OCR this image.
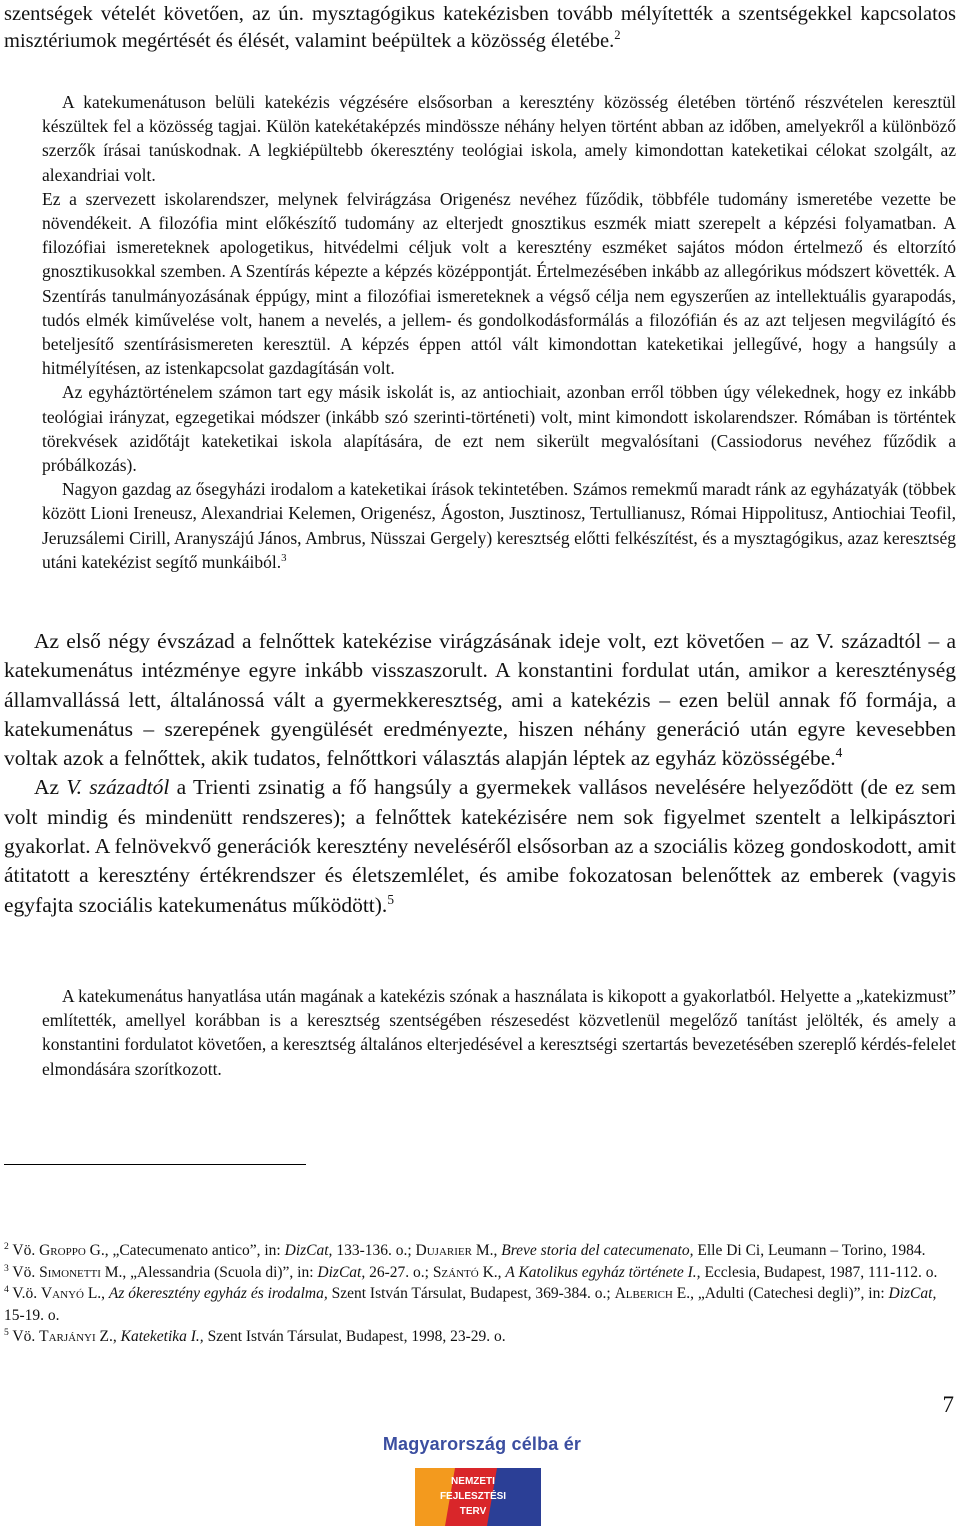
szentségek vételét követően, az ún. mysztagógikus katekézisben tovább mélyítették a szentségekkel kapcsolatos misztériumok megértését és élését, valamint beépültek a közösség életébe.$^2$

A katekumenátuson belüli katekézis végzésére elsősorban a keresztény közösség életében történő részvételen keresztül készültek fel a közösség tagjai. Külön katekétaképzés mindössze néhány helyen történt abban az időben, amelyekről a különböző szerzők írásai tanúskodnak. A legkiépültebb ókeresztény teológiai iskola, amely kimondottan kateketikai célokat szolgált, az alexandriai volt.

Ez a szervezett iskolarendszer, melynek felvirágzása Origenész nevéhez fűződik, többféle tudomány ismeretébe vezette be növendékeit. A filozófia mint előkészítő tudomány az elterjedt gnosztikus eszmék miatt szerepelt a képzési folyamatban. A filozófiai ismereteknek apologetikus, hitvédelmi céljuk volt a keresztény eszméket sajátos módon értelmező és eltorzító gnosztikusokkal szemben. A Szentírás képezte a képzés középpontját. Értelmezésében inkább az allegórikus módszert követték. A Szentírás tanulmányozásának éppúgy, mint a filozófiai ismereteknek a végső célja nem egyszerűen az intellektuális gyarapodás, tudós elmék kiművelése volt, hanem a nevelés, a jellem- és gondolkodásformálás a filozófián és az azt teljesen megvilágító és beteljesítő szentírásismereten keresztül. A képzés éppen attól vált kimondottan kateketikai jellegűvé, hogy a hangsúly a hitmélyítésen, az istenkapcsolat gazdagításán volt.

Az egyháztörténelem számon tart egy másik iskolát is, az antiochiait, azonban erről többen úgy vélekednek, hogy ez inkább teológiai irányzat, egzegetikai módszer (inkább szó szerinti-történeti) volt, mint kimondott iskolarendszer. Rómában is történtek törekvések azidőtájt kateketikai iskola alapítására, de ezt nem sikerült megvalósítani (Cassiodorus nevéhez fűződik a próbálkozás).

Nagyon gazdag az ősegyházi irodalom a kateketikai írások tekintetében. Számos remekmű maradt ránk az egyházatyák (többek között Lioni Ireneusz, Alexandriai Kelemen, Origenész, Ágoston, Jusztinosz, Tertullianusz, Római Hippolitusz, Antiochiai Teofil, Jeruzsálemi Cirill, Aranyszájú János, Ambrus, Nüsszai Gergely) keresztség előtti felkészítést, és a mysztagógikus, azaz keresztség utáni katekézist segítő munkáiból.$^3$

Az első négy évszázad a felnőttek katekézise virágzásának ideje volt, ezt követően – az V. századtól – a katekumenátus intézménye egyre inkább visszaszorult. A konstantini fordulat után, amikor a kereszténység államvallássá lett, általánossá vált a gyermekkeresztség, ami a katekézis – ezen belül annak fő formája, a katekumenátus – szerepének gyengülését eredményezte, hiszen néhány generáció után egyre kevesebben voltak azok a felnőttek, akik tudatos, felnőttkori választás alapján léptek az egyház közösségébe.$^4$

Az V. századtól a Trienti zsinatig a fő hangsúly a gyermekek vallásos nevelésére helyeződött (de ez sem volt mindig és mindenütt rendszeres); a felnőttek katekézisére nem sok figyelmet szentelt a lelkipásztori gyakorlat. A felnövekvő generációk keresztény neveléséről elsősorban az a szociális közeg gondoskodott, amit átitatott a keresztény értékrendszer és életszemlélet, és amibe fokozatosan belenőttek az emberek (vagyis egyfajta szociális katekumenátus működött).$^5$

A katekumenátus hanyatlása után magának a katekézis szónak a használata is kikopott a gyakorlatból. Helyette a „katekizmust” említették, amellyel korábban is a keresztség szentségében részesedést közvetlenül megelőző tanítást jelölték, és amely a konstantini fordulatot követően, a keresztség általános elterjedésével a keresztségi szertartás bevezetésében szereplő kérdés-felelet elmondására szorítkozott.

$^2$ Vö. Groppo G., „Catecumenato antico”, in: DizCat, 133-136. o.; Dujarier M., Breve storia del catecumenato, Elle Di Ci, Leumann – Torino, 1984.

$^3$ Vö. Simonetti M., „Alessandria (Scuola di)”, in: DizCat, 26-27. o.; Szántó K., A Katolikus egyház története I., Ecclesia, Budapest, 1987, 111-112. o.

$^4$ V.ö. Vanyó L., Az ókeresztény egyház és irodalma, Szent István Társulat, Budapest, 369-384. o.; Alberich E., „Adulti (Catechesi degli)”, in: DizCat, 15-19. o.

$^5$ Vö. Tarjányi Z., Kateketika I., Szent István Társulat, Budapest, 1998, 23-29. o.

7
Magyarország célba ér
NEMZETI
FEJLESZTÉSI
TERV
